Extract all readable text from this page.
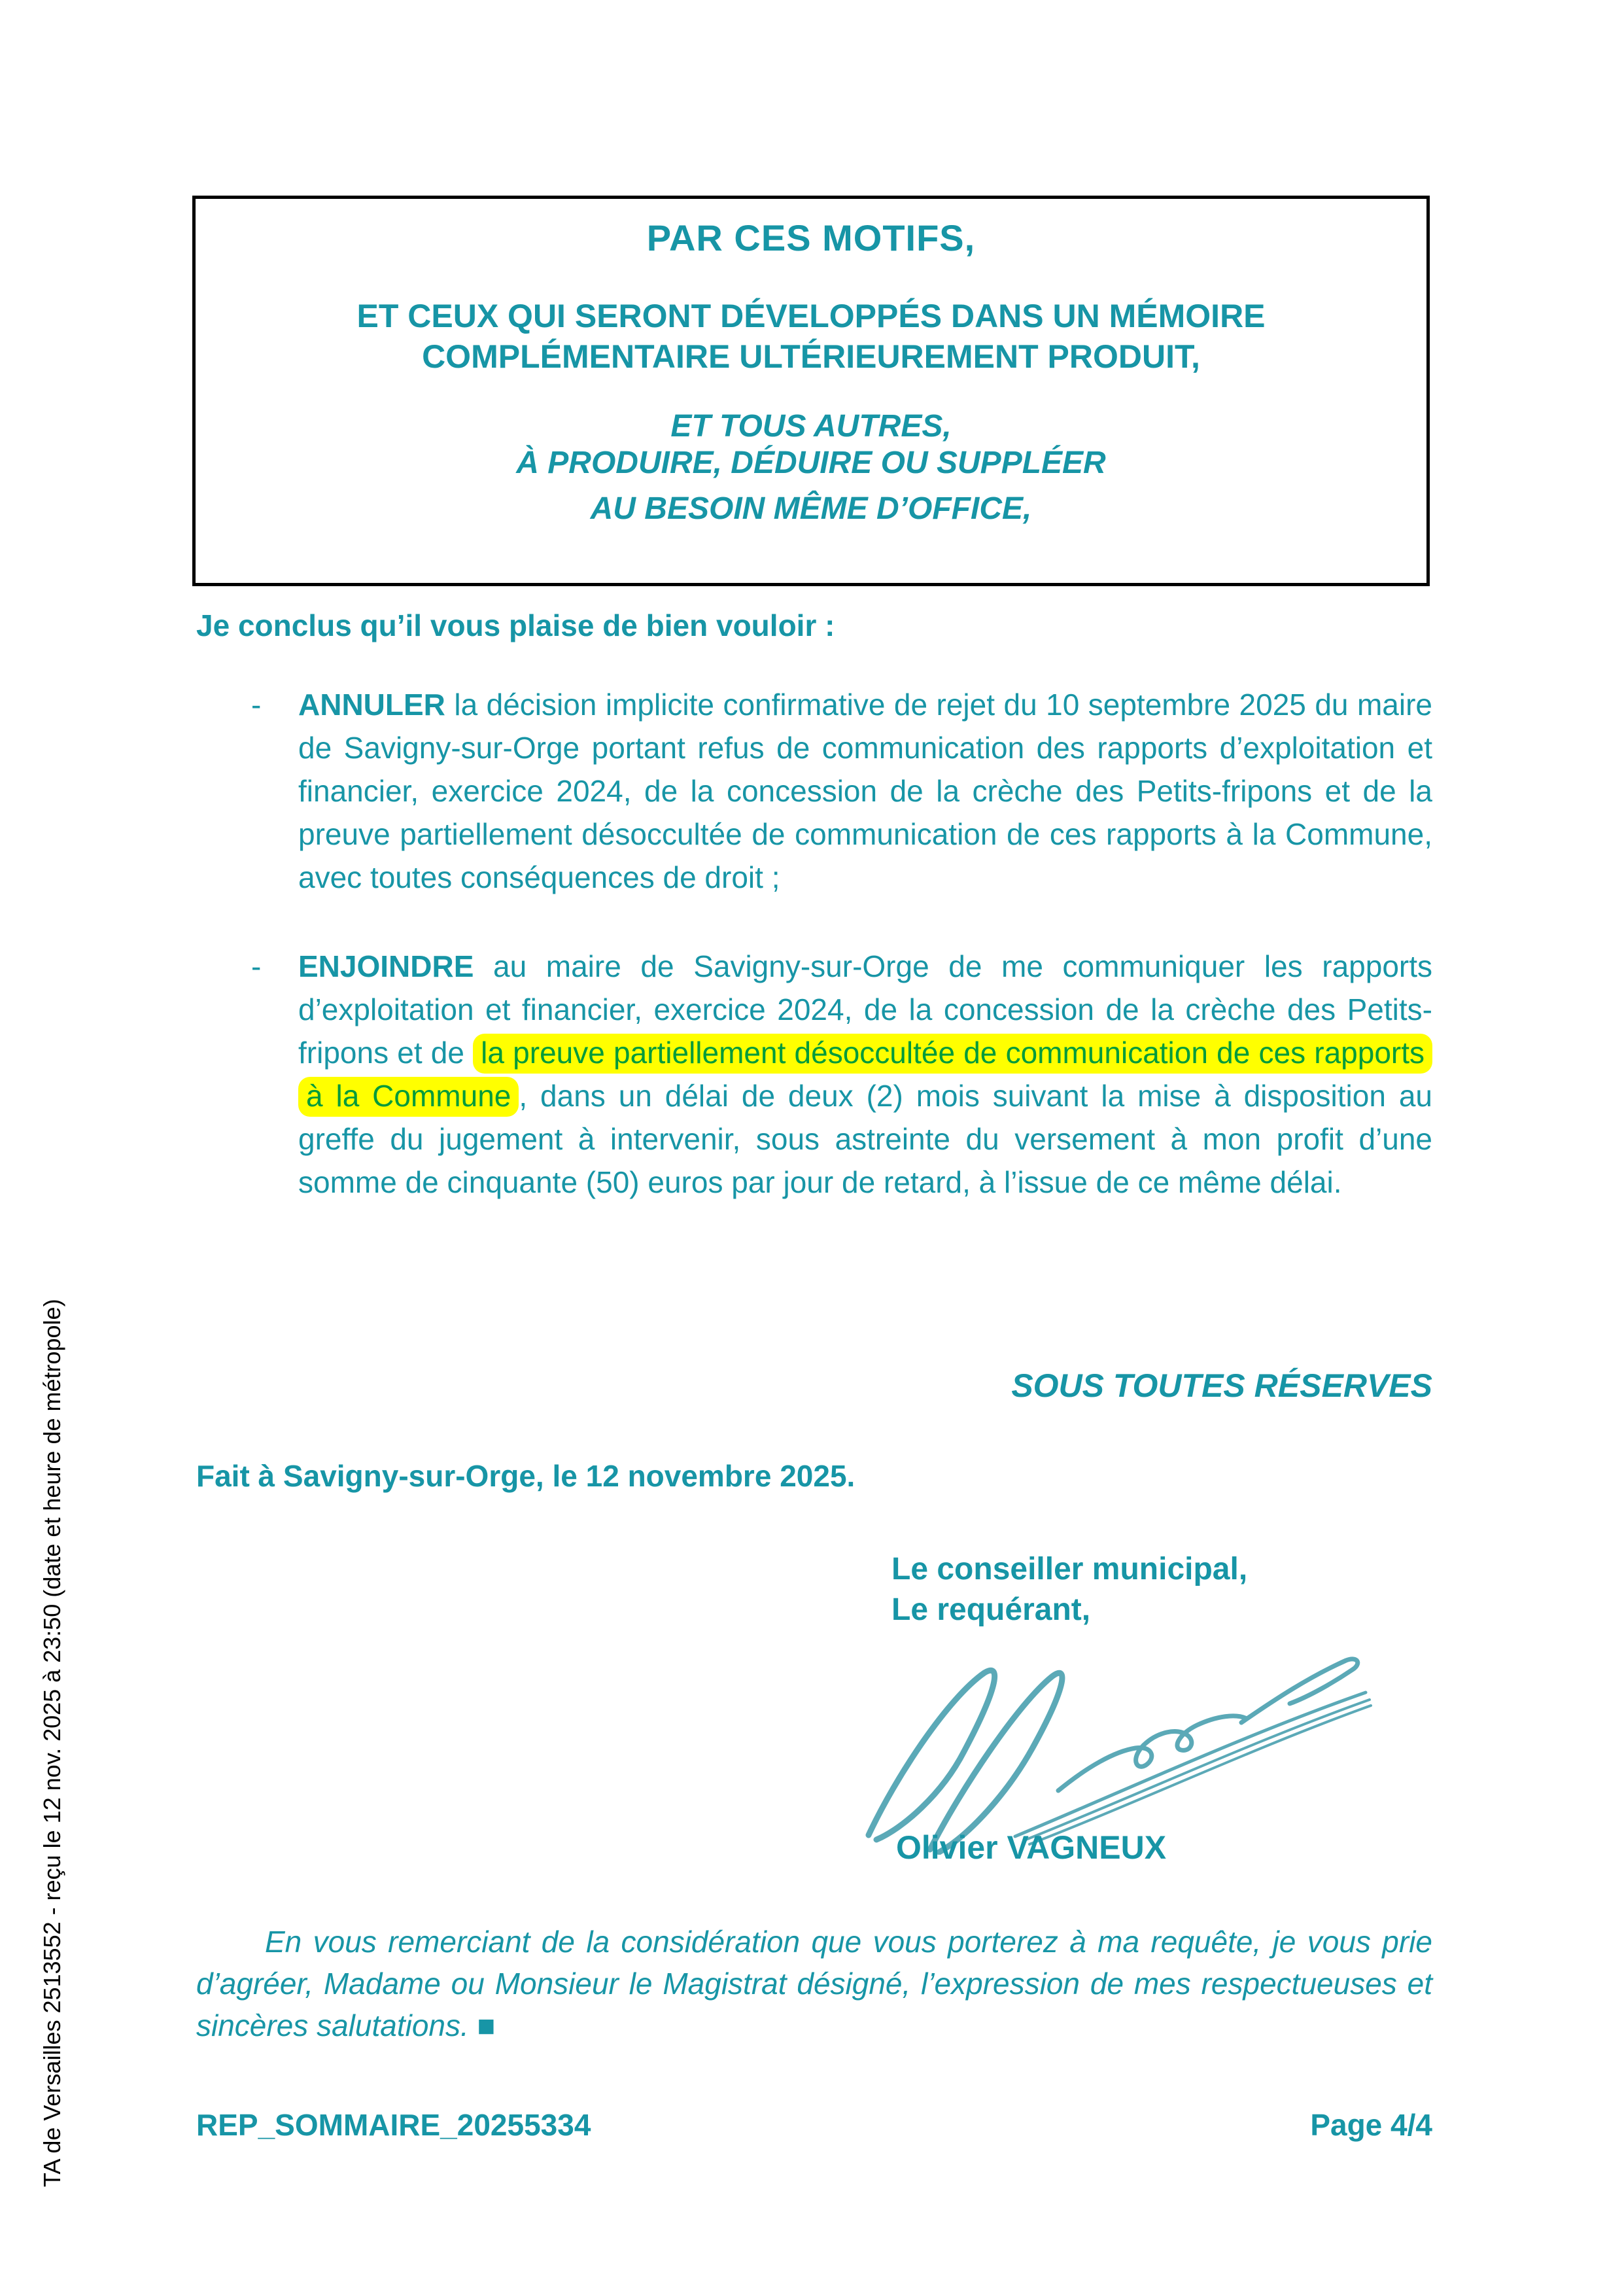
TA de Versailles 2513552 - reçu le 12 nov. 2025 à 23:50 (date et heure de métropole)
PAR CES MOTIFS,
ET CEUX QUI SERONT DÉVELOPPÉS DANS UN MÉMOIRE
COMPLÉMENTAIRE ULTÉRIEUREMENT PRODUIT,
ET TOUS AUTRES,
À PRODUIRE, DÉDUIRE OU SUPPLÉER
AU BESOIN MÊME D’OFFICE,
Je conclus qu’il vous plaise de bien vouloir :
-	ANNULER la décision implicite confirmative de rejet du 10 septembre 2025 du maire de Savigny-sur-Orge portant refus de communication des rapports d’exploitation et financier, exercice 2024, de la concession de la crèche des Petits-fripons et de la preuve partiellement désoccultée de communication de ces rapports à la Commune, avec toutes conséquences de droit ;
-	ENJOINDRE au maire de Savigny-sur-Orge de me communiquer les rapports d’exploitation et financier, exercice 2024, de la concession de la crèche des Petits-fripons et de la preuve partiellement désoccultée de communication de ces rapports à la Commune , dans un délai de deux (2) mois suivant la mise à disposition au greffe du jugement à intervenir, sous astreinte du versement à mon profit d’une somme de cinquante (50) euros par jour de retard, à l’issue de ce même délai.
SOUS TOUTES RÉSERVES
Fait à Savigny-sur-Orge, le 12 novembre 2025.
Le conseiller municipal,
Le requérant,
Olivier VAGNEUX
En vous remerciant de la considération que vous porterez à ma requête, je vous prie d’agréer, Madame ou Monsieur le Magistrat désigné, l’expression de mes respectueuses et sincères salutations. ■
REP_SOMMAIRE_20255334	Page 4/4
